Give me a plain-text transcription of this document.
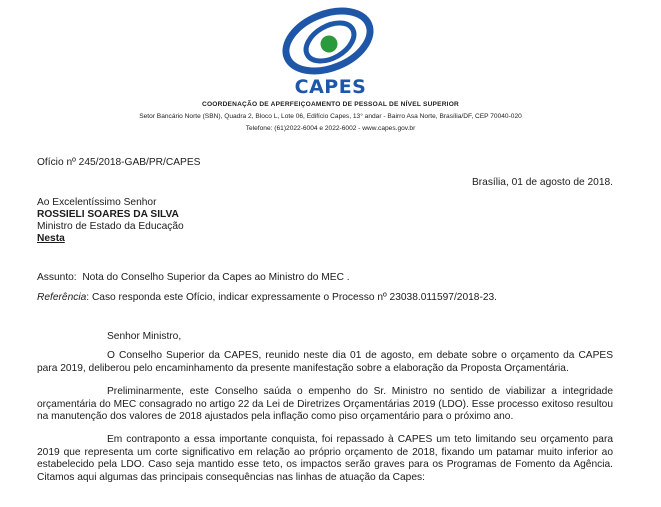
CAPES
COORDENAÇÃO DE APERFEIÇOAMENTO DE PESSOAL DE NÍVEL SUPERIOR
Setor Bancário Norte (SBN), Quadra 2, Bloco L, Lote 06, Edifício Capes, 13° andar - Bairro Asa Norte, Brasília/DF, CEP 70040-020
Telefone: (61)2022-6004 e 2022-6002 - www.capes.gov.br
Ofício nº 245/2018-GAB/PR/CAPES
Brasília, 01 de agosto de 2018.
Ao Excelentíssimo Senhor
ROSSIELI SOARES DA SILVA
Ministro de Estado da Educação
Nesta
Assunto: Nota do Conselho Superior da Capes ao Ministro do MEC .
Referência: Caso responda este Ofício, indicar expressamente o Processo nº 23038.011597/2018-23.
Senhor Ministro,

O Conselho Superior da CAPES, reunido neste dia 01 de agosto, em debate sobre o orçamento da CAPES para 2019, deliberou pelo encaminhamento da presente manifestação sobre a elaboração da Proposta Orçamentária.

Preliminarmente, este Conselho saúda o empenho do Sr. Ministro no sentido de viabilizar a integridade orçamentária do MEC consagrado no artigo 22 da Lei de Diretrizes Orçamentárias 2019 (LDO). Esse processo exitoso resultou na manutenção dos valores de 2018 ajustados pela inflação como piso orçamentário para o próximo ano.

Em contraponto a essa importante conquista, foi repassado à CAPES um teto limitando seu orçamento para 2019 que representa um corte significativo em relação ao próprio orçamento de 2018, fixando um patamar muito inferior ao estabelecido pela LDO. Caso seja mantido esse teto, os impactos serão graves para os Programas de Fomento da Agência. Citamos aqui algumas das principais consequências nas linhas de atuação da Capes:
